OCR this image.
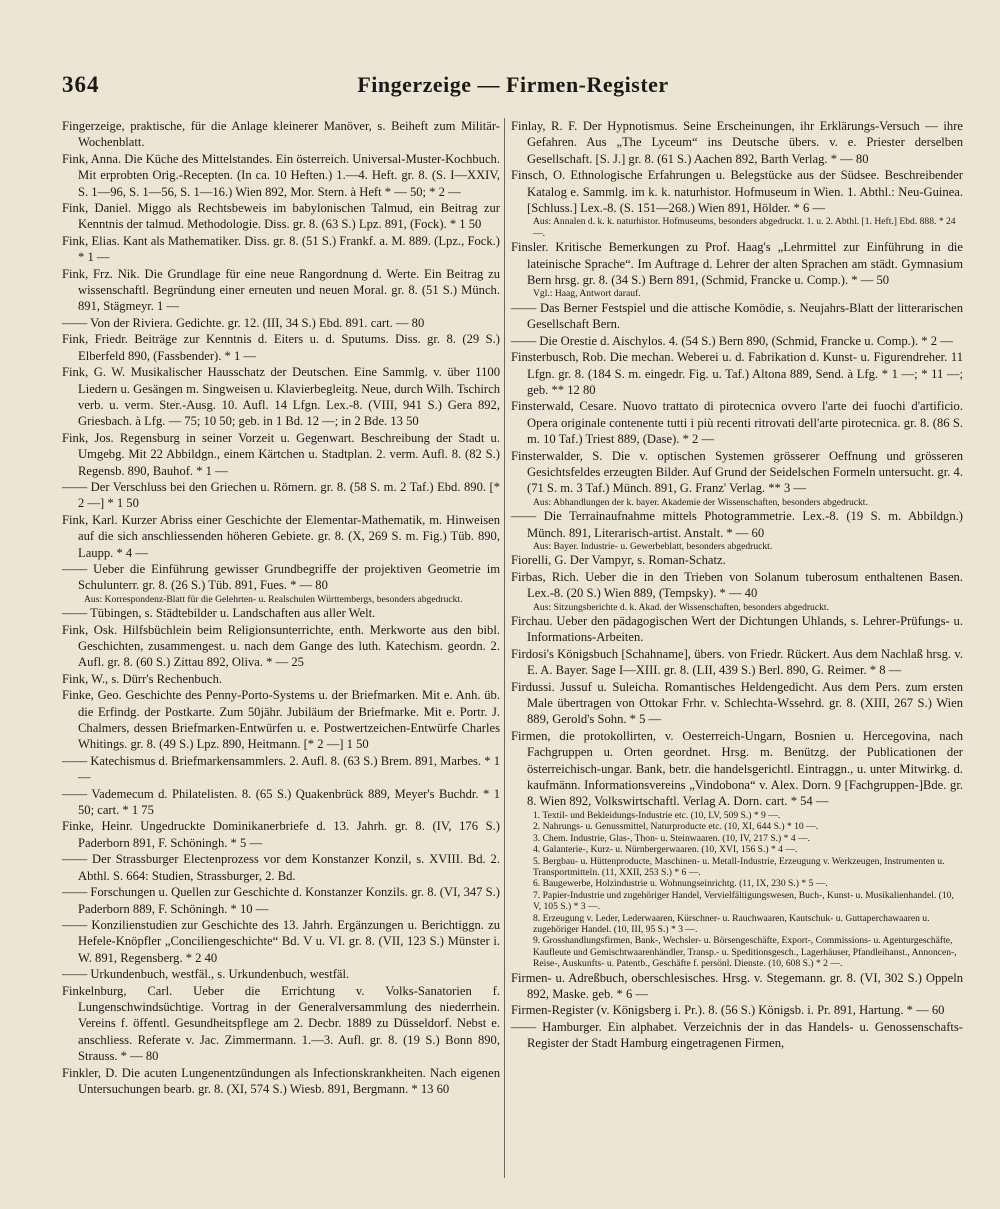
Fingerzeige — Firmen-Register
364

Fingerzeige, praktische, für die Anlage kleinerer Manöver, s. Beiheft zum Militär-Wochenblatt.

Fink, Anna. Die Küche des Mittelstandes. Ein österreich. Universal-Muster-Kochbuch. Mit erprobten Orig.-Recepten. (In ca. 10 Heften.) 1.—4. Heft. gr. 8. (S. I—XXIV, S. 1—96, S. 1—56, S. 1—16.) Wien 892, Mor. Stern. à Heft * — 50; * 2 —

Fink, Daniel. Miggo als Rechtsbeweis im babylonischen Talmud, ein Beitrag zur Kenntnis der talmud. Methodologie. Diss. gr. 8. (63 S.) Lpz. 891, (Fock). * 1 50

Fink, Elias. Kant als Mathematiker. Diss. gr. 8. (51 S.) Frankf. a. M. 889. (Lpz., Fock.) * 1 —

Fink, Frz. Nik. Die Grundlage für eine neue Rangordnung d. Werte. Ein Beitrag zu wissenschaftl. Begründung einer erneuten und neuen Moral. gr. 8. (51 S.) Münch. 891, Stägmeyr. 1 —

—— Von der Riviera. Gedichte. gr. 12. (III, 34 S.) Ebd. 891. cart. — 80

Fink, Friedr. Beiträge zur Kenntnis d. Eiters u. d. Sputums. Diss. gr. 8. (29 S.) Elberfeld 890, (Fassbender). * 1 —

Fink, G. W. Musikalischer Hausschatz der Deutschen. Eine Sammlg. v. über 1100 Liedern u. Gesängen m. Singweisen u. Klavierbegleitg. Neue, durch Wilh. Tschirch verb. u. verm. Ster.-Ausg. 10. Aufl. 14 Lfgn. Lex.-8. (VIII, 941 S.) Gera 892, Griesbach. à Lfg. — 75; 10 50; geb. in 1 Bd. 12 —; in 2 Bde. 13 50

Fink, Jos. Regensburg in seiner Vorzeit u. Gegenwart. Beschreibung der Stadt u. Umgebg. Mit 22 Abbildgn., einem Kärtchen u. Stadtplan. 2. verm. Aufl. 8. (82 S.) Regensb. 890, Bauhof. * 1 —

—— Der Verschluss bei den Griechen u. Römern. gr. 8. (58 S. m. 2 Taf.) Ebd. 890. [* 2 —] * 1 50

Fink, Karl. Kurzer Abriss einer Geschichte der Elementar-Mathematik, m. Hinweisen auf die sich anschliessenden höheren Gebiete. gr. 8. (X, 269 S. m. Fig.) Tüb. 890, Laupp. * 4 —

—— Ueber die Einführung gewisser Grundbegriffe der projektiven Geometrie im Schulunterr. gr. 8. (26 S.) Tüb. 891, Fues. * — 80

Aus: Korrespondenz-Blatt für die Gelehrten- u. Realschulen Württembergs, besonders abgedruckt.

—— Tübingen, s. Städtebilder u. Landschaften aus aller Welt.

Fink, Osk. Hilfsbüchlein beim Religionsunterrichte, enth. Merkworte aus den bibl. Geschichten, zusammengest. u. nach dem Gange des luth. Katechism. geordn. 2. Aufl. gr. 8. (60 S.) Zittau 892, Oliva. * — 25

Fink, W., s. Dürr's Rechenbuch.

Finke, Geo. Geschichte des Penny-Porto-Systems u. der Briefmarken. Mit e. Anh. üb. die Erfindg. der Postkarte. Zum 50jähr. Jubiläum der Briefmarke. Mit e. Portr. J. Chalmers, dessen Briefmarken-Entwürfen u. e. Postwertzeichen-Entwürfe Charles Whitings. gr. 8. (49 S.) Lpz. 890, Heitmann. [* 2 —] 1 50

—— Katechismus d. Briefmarkensammlers. 2. Aufl. 8. (63 S.) Brem. 891, Marbes. * 1 —

—— Vademecum d. Philatelisten. 8. (65 S.) Quakenbrück 889, Meyer's Buchdr. * 1 50; cart. * 1 75

Finke, Heinr. Ungedruckte Dominikanerbriefe d. 13. Jahrh. gr. 8. (IV, 176 S.) Paderborn 891, F. Schöningh. * 5 —

—— Der Strassburger Electenprozess vor dem Konstanzer Konzil, s. XVIII. Bd. 2. Abthl. S. 664: Studien, Strassburger, 2. Bd.

—— Forschungen u. Quellen zur Geschichte d. Konstanzer Konzils. gr. 8. (VI, 347 S.) Paderborn 889, F. Schöningh. * 10 —

—— Konzilienstudien zur Geschichte des 13. Jahrh. Ergänzungen u. Berichtiggn. zu Hefele-Knöpfler „Conciliengeschichte“ Bd. V u. VI. gr. 8. (VII, 123 S.) Münster i. W. 891, Regensberg. * 2 40

—— Urkundenbuch, westfäl., s. Urkundenbuch, westfäl.

Finkelnburg, Carl. Ueber die Errichtung v. Volks-Sanatorien f. Lungenschwindsüchtige. Vortrag in der Generalversammlung des niederrhein. Vereins f. öffentl. Gesundheitspflege am 2. Decbr. 1889 zu Düsseldorf. Nebst e. anschliess. Referate v. Jac. Zimmermann. 1.—3. Aufl. gr. 8. (19 S.) Bonn 890, Strauss. * — 80

Finkler, D. Die acuten Lungenentzündungen als Infectionskrankheiten. Nach eigenen Untersuchungen bearb. gr. 8. (XI, 574 S.) Wiesb. 891, Bergmann. * 13 60

Finlay, R. F. Der Hypnotismus. Seine Erscheinungen, ihr Erklärungs-Versuch — ihre Gefahren. Aus „The Lyceum“ ins Deutsche übers. v. e. Priester derselben Gesellschaft. [S. J.] gr. 8. (61 S.) Aachen 892, Barth Verlag. * — 80

Finsch, O. Ethnologische Erfahrungen u. Belegstücke aus der Südsee. Beschreibender Katalog e. Sammlg. im k. k. naturhistor. Hofmuseum in Wien. 1. Abthl.: Neu-Guinea. [Schluss.] Lex.-8. (S. 151—268.) Wien 891, Hölder. * 6 —

Aus: Annalen d. k. k. naturhistor. Hofmuseums, besonders abgedruckt. 1. u. 2. Abthl. [1. Heft.] Ebd. 888. * 24 —.

Finsler. Kritische Bemerkungen zu Prof. Haag's „Lehrmittel zur Einführung in die lateinische Sprache“. Im Auftrage d. Lehrer der alten Sprachen am städt. Gymnasium Bern hrsg. gr. 8. (34 S.) Bern 891, (Schmid, Francke u. Comp.). * — 50

Vgl.: Haag, Antwort darauf.

—— Das Berner Festspiel und die attische Komödie, s. Neujahrs-Blatt der litterarischen Gesellschaft Bern.

—— Die Orestie d. Aischylos. 4. (54 S.) Bern 890, (Schmid, Francke u. Comp.). * 2 —

Finsterbusch, Rob. Die mechan. Weberei u. d. Fabrikation d. Kunst- u. Figurendreher. 11 Lfgn. gr. 8. (184 S. m. eingedr. Fig. u. Taf.) Altona 889, Send. à Lfg. * 1 —; * 11 —; geb. ** 12 80

Finsterwald, Cesare. Nuovo trattato di pirotecnica ovvero l'arte dei fuochi d'artificio. Opera originale contenente tutti i più recenti ritrovati dell'arte pirotecnica. gr. 8. (86 S. m. 10 Taf.) Triest 889, (Dase). * 2 —

Finsterwalder, S. Die v. optischen Systemen grösserer Oeffnung und grösseren Gesichtsfeldes erzeugten Bilder. Auf Grund der Seidelschen Formeln untersucht. gr. 4. (71 S. m. 3 Taf.) Münch. 891, G. Franz' Verlag. ** 3 —

Aus: Abhandlungen der k. bayer. Akademie der Wissenschaften, besonders abgedruckt.

—— Die Terrainaufnahme mittels Photogrammetrie. Lex.-8. (19 S. m. Abbildgn.) Münch. 891, Literarisch-artist. Anstalt. * — 60

Aus: Bayer. Industrie- u. Gewerbeblatt, besonders abgedruckt.

Fiorelli, G. Der Vampyr, s. Roman-Schatz.

Firbas, Rich. Ueber die in den Trieben von Solanum tuberosum enthaltenen Basen. Lex.-8. (20 S.) Wien 889, (Tempsky). * — 40

Aus: Sitzungsberichte d. k. Akad. der Wissenschaften, besonders abgedruckt.

Firchau. Ueber den pädagogischen Wert der Dichtungen Uhlands, s. Lehrer-Prüfungs- u. Informations-Arbeiten.

Firdosi's Königsbuch [Schahname], übers. von Friedr. Rückert. Aus dem Nachlaß hrsg. v. E. A. Bayer. Sage I—XIII. gr. 8. (LII, 439 S.) Berl. 890, G. Reimer. * 8 —

Firdussi. Jussuf u. Suleicha. Romantisches Heldengedicht. Aus dem Pers. zum ersten Male übertragen von Ottokar Frhr. v. Schlechta-Wssehrd. gr. 8. (XIII, 267 S.) Wien 889, Gerold's Sohn. * 5 —

Firmen, die protokollirten, v. Oesterreich-Ungarn, Bosnien u. Hercegovina, nach Fachgruppen u. Orten geordnet. Hrsg. m. Benützg. der Publicationen der österreichisch-ungar. Bank, betr. die handelsgerichtl. Eintraggn., u. unter Mitwirkg. d. kaufmänn. Informationsvereins „Vindobona“ v. Alex. Dorn. 9 [Fachgruppen-]Bde. gr. 8. Wien 892, Volkswirtschaftl. Verlag A. Dorn. cart. * 54 —

1. Textil- und Bekleidungs-Industrie etc. (10, LV, 509 S.) * 9 —.

2. Nahrungs- u. Genussmittel, Naturproducte etc. (10, XI, 644 S.) * 10 —.

3. Chem. Industrie, Glas-, Thon- u. Steinwaaren. (10, IV, 217 S.) * 4 —.

4. Galanterie-, Kurz- u. Nürnbergerwaaren. (10, XVI, 156 S.) * 4 —.

5. Bergbau- u. Hüttenproducte, Maschinen- u. Metall-Industrie, Erzeugung v. Werkzeugen, Instrumenten u. Transportmitteln. (11, XXII, 253 S.) * 6 —.

6. Baugewerbe, Holzindustrie u. Wohnungseinrichtg. (11, IX, 230 S.) * 5 —.

7. Papier-Industrie und zugehöriger Handel, Vervielfältigungswesen, Buch-, Kunst- u. Musikalienhandel. (10, V, 105 S.) * 3 —.

8. Erzeugung v. Leder, Lederwaaren, Kürschner- u. Rauchwaaren, Kautschuk- u. Guttaperchawaaren u. zugehöriger Handel. (10, III, 95 S.) * 3 —.

9. Grosshandlungsfirmen, Bank-, Wechsler- u. Börsengeschäfte, Export-, Commissions- u. Agenturgeschäfte, Kaufleute und Gemischtwaarenhändler, Transp.- u. Speditionsgesch., Lagerhäuser, Pfandleihanst., Annoncen-, Reise-, Auskunfts- u. Patentb., Geschäfte f. persönl. Dienste. (10, 608 S.) * 2 —.

Firmen- u. Adreßbuch, oberschlesisches. Hrsg. v. Stegemann. gr. 8. (VI, 302 S.) Oppeln 892, Maske. geb. * 6 —

Firmen-Register (v. Königsberg i. Pr.). 8. (56 S.) Königsb. i. Pr. 891, Hartung. * — 60

—— Hamburger. Ein alphabet. Verzeichnis der in das Handels- u. Genossenschafts-Register der Stadt Hamburg eingetragenen Firmen,
